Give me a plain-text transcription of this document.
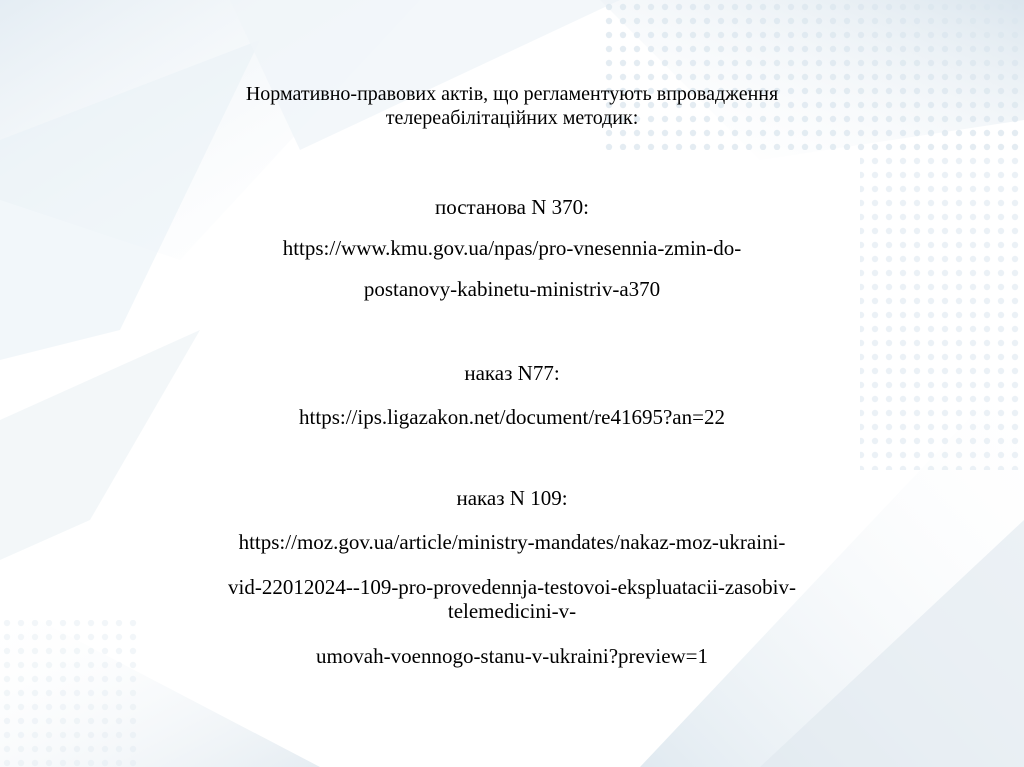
Нормативно-правових актів, що регламентують впровадження
телереабілітаційних методик:
постанова N 370:
https://www.kmu.gov.ua/npas/pro-vnesennia-zmin-do-
postanovy-kabinetu-ministriv-a370
наказ N77:
https://ips.ligazakon.net/document/re41695?an=22
наказ N 109:
https://moz.gov.ua/article/ministry-mandates/nakaz-moz-ukraini-
vid-22012024--109-pro-provedennja-testovoi-ekspluatacii-zasobiv-
telemedicini-v-
umovah-voennogo-stanu-v-ukraini?preview=1
